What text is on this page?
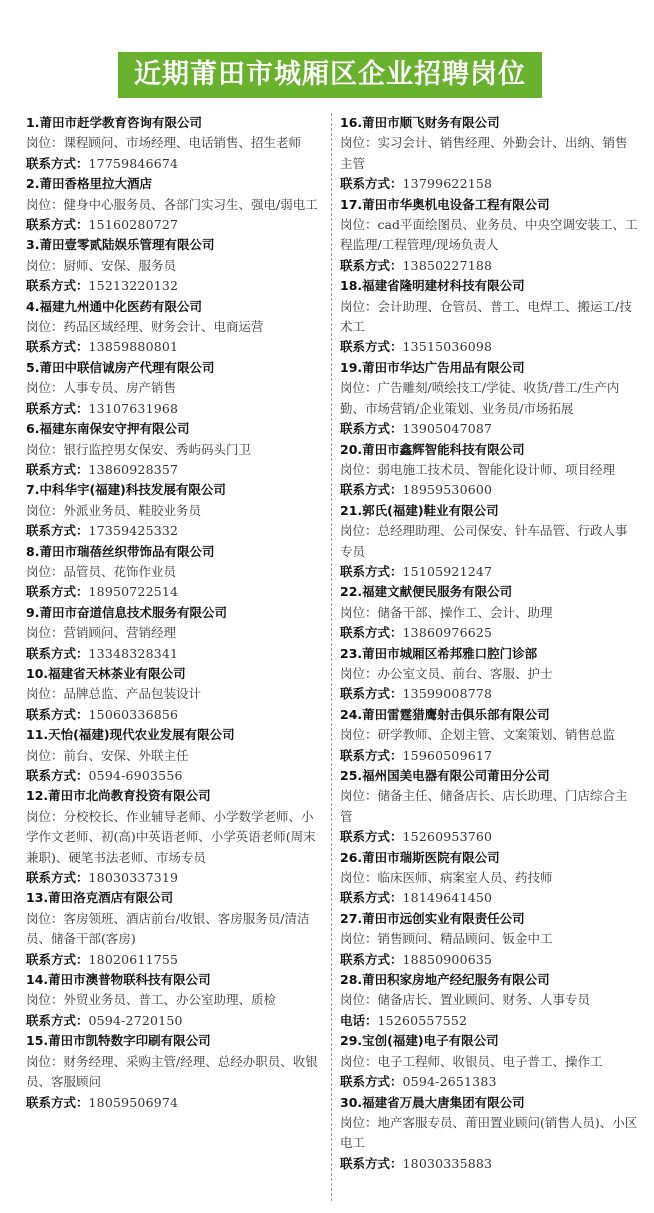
近期莆田市城厢区企业招聘岗位
1.莆田市赶学教育咨询有限公司
岗位：课程顾问、市场经理、电话销售、招生老师
联系方式：17759846674
2.莆田香格里拉大酒店
岗位：健身中心服务员、各部门实习生、强电/弱电工
联系方式：15160280727
3.莆田壹零贰陆娱乐管理有限公司
岗位：厨师、安保、服务员
联系方式：15213220132
4.福建九州通中化医药有限公司
岗位：药品区域经理、财务会计、电商运营
联系方式：13859880801
5.莆田中联信诚房产代理有限公司
岗位：人事专员、房产销售
联系方式：13107631968
6.福建东南保安守押有限公司
岗位：银行监控男女保安、秀屿码头门卫
联系方式：13860928357
7.中科华宇(福建)科技发展有限公司
岗位：外派业务员、鞋胶业务员
联系方式：17359425332
8.莆田市瑞蓓丝织带饰品有限公司
岗位：品管员、花饰作业员
联系方式：18950722514
9.莆田市奋道信息技术服务有限公司
岗位：营销顾问、营销经理
联系方式：13348328341
10.福建省天林茶业有限公司
岗位：品牌总监、产品包装设计
联系方式：15060336856
11.天怡(福建)现代农业发展有限公司
岗位：前台、安保、外联主任
联系方式：0594-6903556
12.莆田市北尚教育投资有限公司
岗位：分校校长、作业辅导老师、小学数学老师、小学作文老师、初(高)中英语老师、小学英语老师(周末兼职)、硬笔书法老师、市场专员
联系方式：18030337319
13.莆田洛克酒店有限公司
岗位：客房领班、酒店前台/收银、客房服务员/清洁员、储备干部(客房)
联系方式：18020611755
14.莆田市澳普物联科技有限公司
岗位：外贸业务员、普工、办公室助理、质检
联系方式：0594-2720150
15.莆田市凯特数字印刷有限公司
岗位：财务经理、采购主管/经理、总经办职员、收银员、客服顾问
联系方式：18059506974
16.莆田市顺飞财务有限公司
岗位：实习会计、销售经理、外勤会计、出纳、销售主管
联系方式：13799622158
17.莆田市华奥机电设备工程有限公司
岗位：cad平面绘图员、业务员、中央空调安装工、工程监理/工程管理/现场负责人
联系方式：13850227188
18.福建省隆明建材科技有限公司
岗位：会计助理、仓管员、普工、电焊工、搬运工/技术工
联系方式：13515036098
19.莆田市华达广告用品有限公司
岗位：广告雕刻/喷绘技工/学徒、收货/普工/生产内勤、市场营销/企业策划、业务员/市场拓展
联系方式：13905047087
20.莆田市鑫辉智能科技有限公司
岗位：弱电施工技术员、智能化设计师、项目经理
联系方式：18959530600
21.郭氏(福建)鞋业有限公司
岗位：总经理助理、公司保安、针车品管、行政人事专员
联系方式：15105921247
22.福建文献便民服务有限公司
岗位：储备干部、操作工、会计、助理
联系方式：13860976625
23.莆田市城厢区希邦雅口腔门诊部
岗位：办公室文员、前台、客服、护士
联系方式：13599008778
24.莆田雷霆猎鹰射击俱乐部有限公司
岗位：研学教师、企划主管、文案策划、销售总监
联系方式：15960509617
25.福州国美电器有限公司莆田分公司
岗位：储备主任、储备店长、店长助理、门店综合主管
联系方式：15260953760
26.莆田市瑞斯医院有限公司
岗位：临床医师、病案室人员、药技师
联系方式：18149641450
27.莆田市远创实业有限责任公司
岗位：销售顾问、精品顾问、钣金中工
联系方式：18850900635
28.莆田积家房地产经纪服务有限公司
岗位：储备店长、置业顾问、财务、人事专员
电话：15260557552
29.宝创(福建)电子有限公司
岗位：电子工程师、收银员、电子普工、操作工
联系方式：0594-2651383
30.福建省万晨大唐集团有限公司
岗位：地产客服专员、莆田置业顾问(销售人员)、小区电工
联系方式：18030335883
